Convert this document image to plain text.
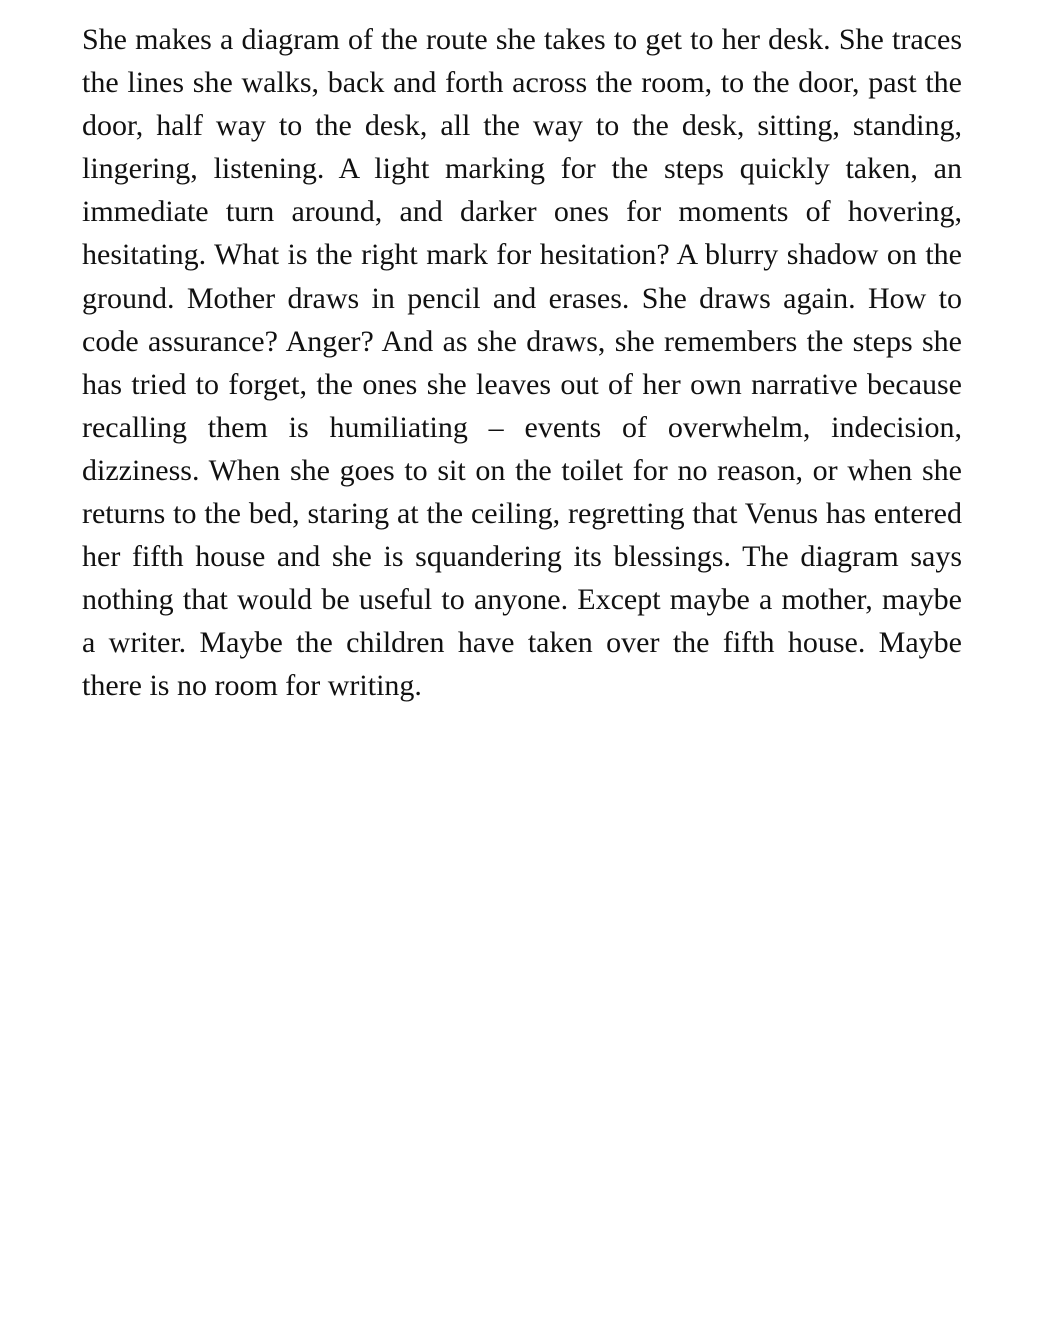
She makes a diagram of the route she takes to get to her desk. She traces the lines she walks, back and forth across the room, to the door, past the door, half way to the desk, all the way to the desk, sitting, standing, lingering, listening. A light marking for the steps quickly taken, an immediate turn around, and darker ones for moments of hovering, hesitating. What is the right mark for hesitation? A blurry shadow on the ground. Mother draws in pencil and erases. She draws again. How to code assurance? Anger? And as she draws, she remembers the steps she has tried to forget, the ones she leaves out of her own narrative because recalling them is humiliating – events of overwhelm, indecision, dizziness. When she goes to sit on the toilet for no reason, or when she returns to the bed, staring at the ceiling, regretting that Venus has entered her fifth house and she is squandering its blessings. The diagram says nothing that would be useful to anyone. Except maybe a mother, maybe a writer. Maybe the children have taken over the fifth house. Maybe there is no room for writing.
